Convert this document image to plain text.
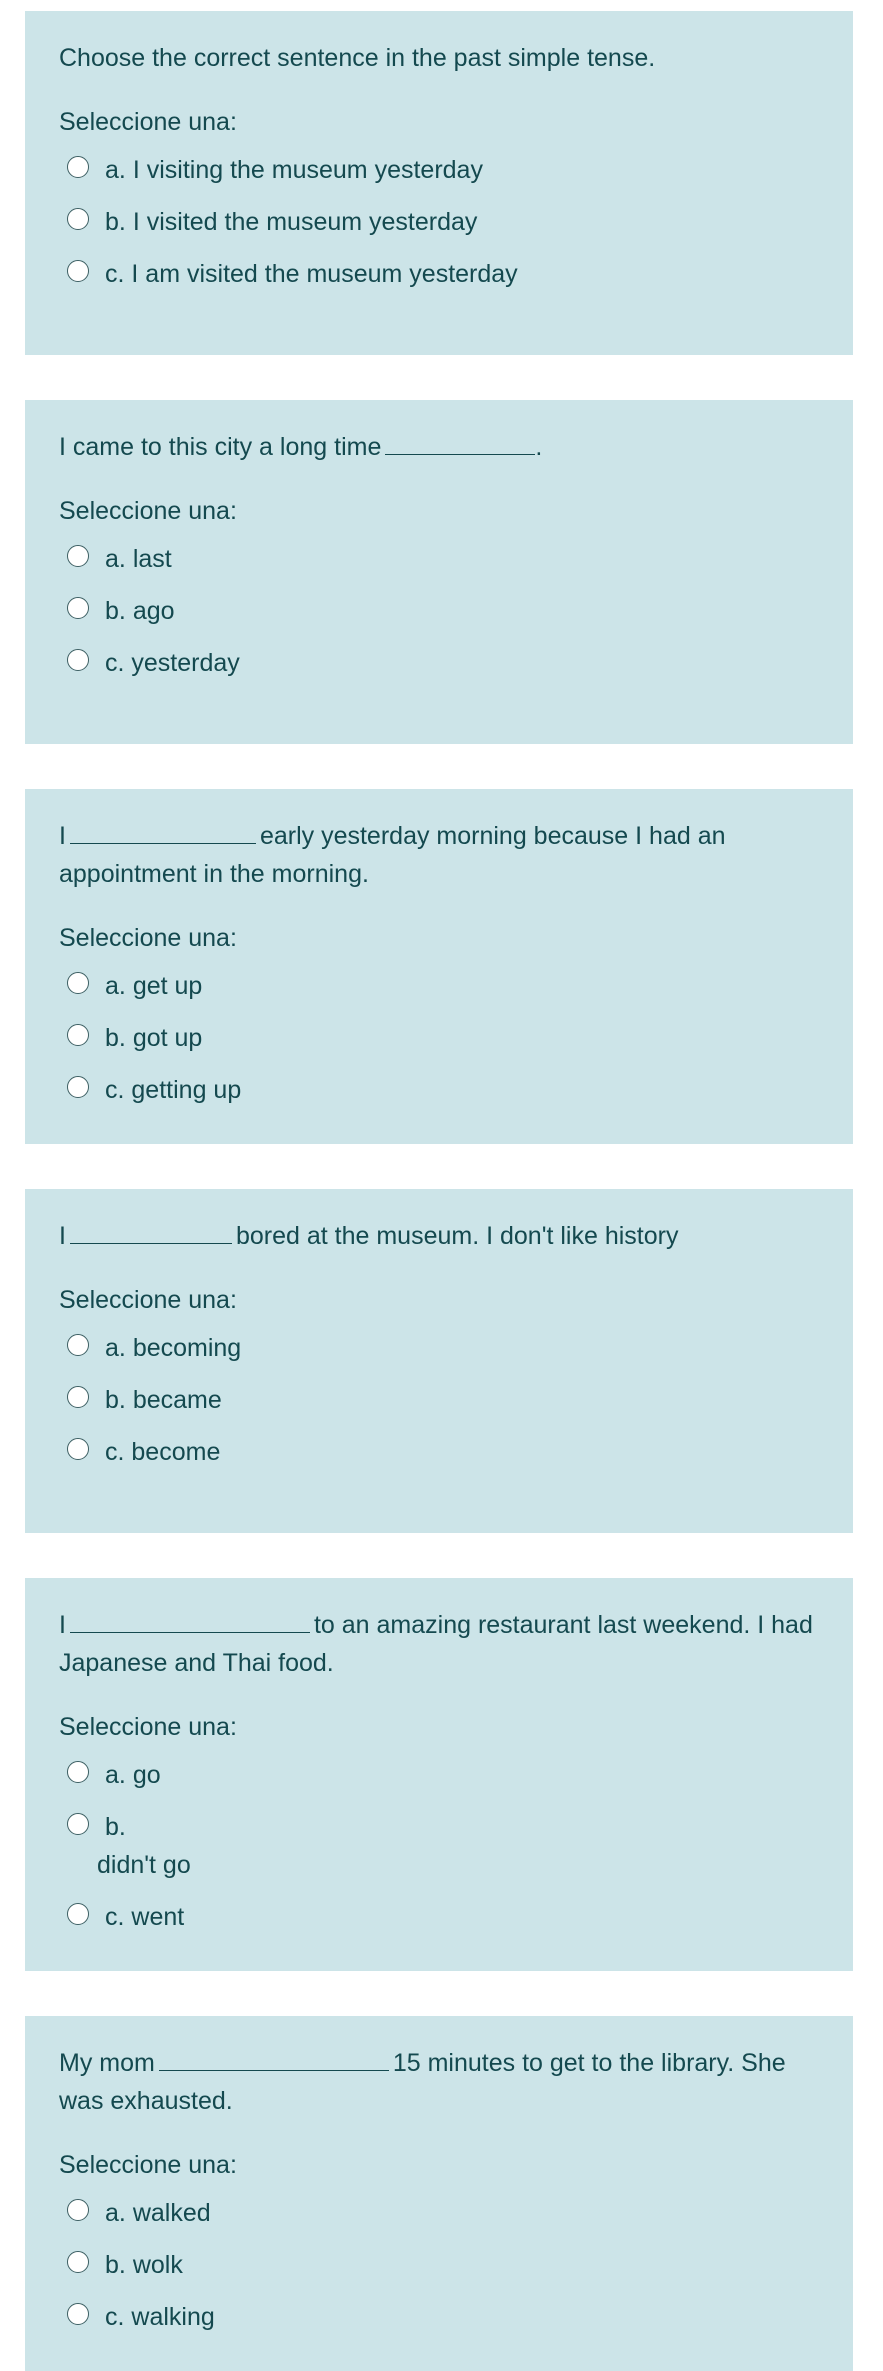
Choose the correct sentence in the past simple tense.

Seleccione una:

a. I visiting the museum yesterday
b. I visited the museum yesterday
c. I am visited the museum yesterday

I came to this city a long time	.

Seleccione una:

a. last
b. ago
c. yesterday

I	early yesterday morning because I had an appointment in the morning.

Seleccione una:

a. get up
b. got up
c. getting up

I	bored at the museum. I don't like history

Seleccione una:

a. becoming
b. became
c. become

I	to an amazing restaurant last weekend. I had Japanese and Thai food.

Seleccione una:

a. go
b.
didn't go
c. went

My mom	15 minutes to get to the library. She was exhausted.

Seleccione una:

a. walked
b. wolk
c. walking
